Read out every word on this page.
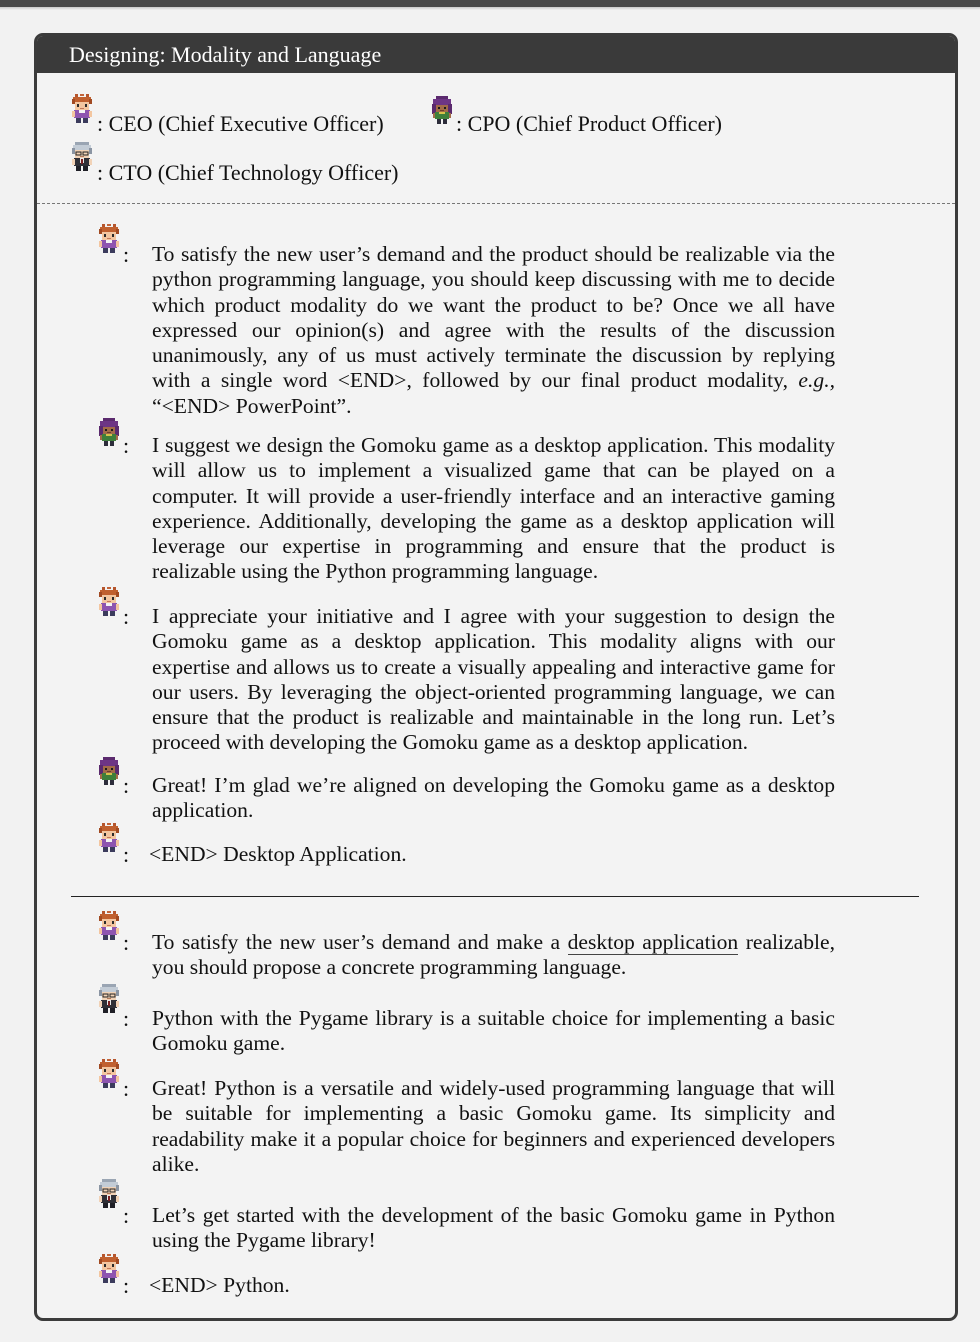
Designing: Modality and Language
: CEO (Chief Executive Officer)	: CPO (Chief Product Officer)
: CTO (Chief Technology Officer)
: To satisfy the new user’s demand and the product should be realizable via the python programming language, you should keep discussing with me to decide which product modality do we want the product to be? Once we all have expressed our opinion(s) and agree with the results of the discussion unanimously, any of us must actively terminate the discussion by replying with a single word <END>, followed by our final product modality, e.g., “<END> PowerPoint”.
: I suggest we design the Gomoku game as a desktop application. This modality will allow us to implement a visualized game that can be played on a computer. It will provide a user-friendly interface and an interactive gaming experience. Additionally, developing the game as a desktop application will leverage our expertise in programming and ensure that the product is realizable using the Python programming language.
: I appreciate your initiative and I agree with your suggestion to design the Gomoku game as a desktop application. This modality aligns with our expertise and allows us to create a visually appealing and interactive game for our users. By leveraging the object-oriented programming language, we can ensure that the product is realizable and maintainable in the long run. Let’s proceed with developing the Gomoku game as a desktop application.
: Great! I’m glad we’re aligned on developing the Gomoku game as a desktop application.
: <END> Desktop Application.
: To satisfy the new user’s demand and make a desktop application realizable, you should propose a concrete programming language.
: Python with the Pygame library is a suitable choice for implementing a basic Gomoku game.
: Great! Python is a versatile and widely-used programming language that will be suitable for implementing a basic Gomoku game. Its simplicity and readability make it a popular choice for beginners and experienced developers alike.
: Let’s get started with the development of the basic Gomoku game in Python using the Pygame library!
: <END> Python.
